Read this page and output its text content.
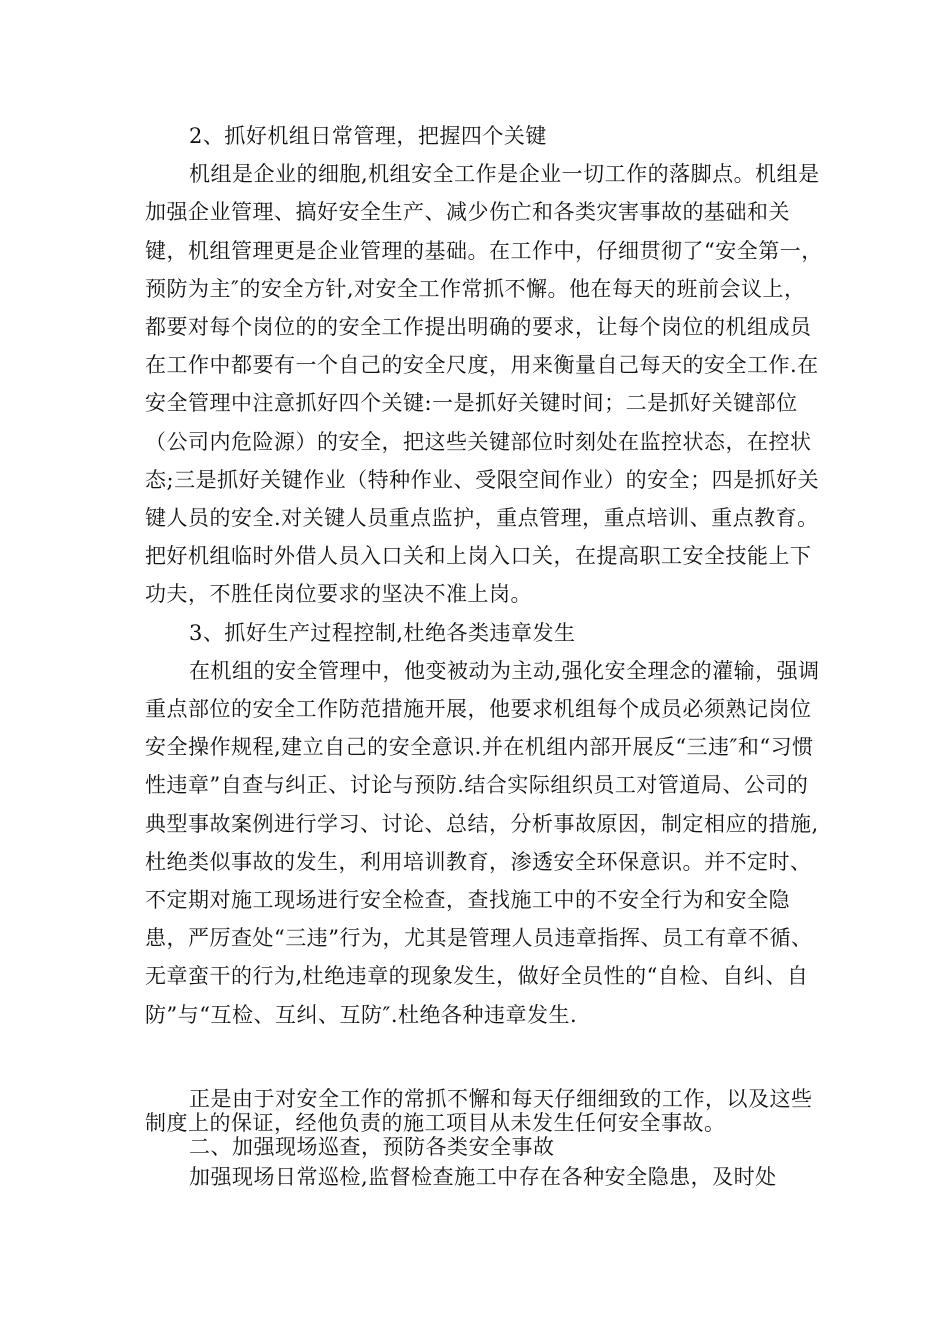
2、抓好机组日常管理，把握四个关键
机组是企业的细胞,机组安全工作是企业一切工作的落脚点。机组是加强企业管理、搞好安全生产、减少伤亡和各类灾害事故的基础和关键，机组管理更是企业管理的基础。在工作中，仔细贯彻了“安全第一，预防为主″的安全方针,对安全工作常抓不懈。他在每天的班前会议上，都要对每个岗位的的安全工作提出明确的要求，让每个岗位的机组成员在工作中都要有一个自己的安全尺度，用来衡量自己每天的安全工作.在安全管理中注意抓好四个关键:一是抓好关键时间；二是抓好关键部位（公司内危险源）的安全，把这些关键部位时刻处在监控状态，在控状态;三是抓好关键作业（特种作业、受限空间作业）的安全；四是抓好关键人员的安全.对关键人员重点监护，重点管理，重点培训、重点教育。把好机组临时外借人员入口关和上岗入口关，在提高职工安全技能上下功夫，不胜任岗位要求的坚决不准上岗。
3、抓好生产过程控制,杜绝各类违章发生
在机组的安全管理中，他变被动为主动,强化安全理念的灌输，强调重点部位的安全工作防范措施开展，他要求机组每个成员必须熟记岗位安全操作规程,建立自己的安全意识.并在机组内部开展反“三违″和“习惯性违章”自查与纠正、讨论与预防.结合实际组织员工对管道局、公司的典型事故案例进行学习、讨论、总结，分析事故原因，制定相应的措施,杜绝类似事故的发生，利用培训教育，渗透安全环保意识。并不定时、不定期对施工现场进行安全检查，查找施工中的不安全行为和安全隐患，严厉查处“三违”行为，尤其是管理人员违章指挥、员工有章不循、无章蛮干的行为,杜绝违章的现象发生，做好全员性的“自检、自纠、自防”与“互检、互纠、互防″.杜绝各种违章发生.
正是由于对安全工作的常抓不懈和每天仔细细致的工作，以及这些制度上的保证，经他负责的施工项目从未发生任何安全事故。
二、加强现场巡查，预防各类安全事故
加强现场日常巡检,监督检查施工中存在各种安全隐患，及时处
